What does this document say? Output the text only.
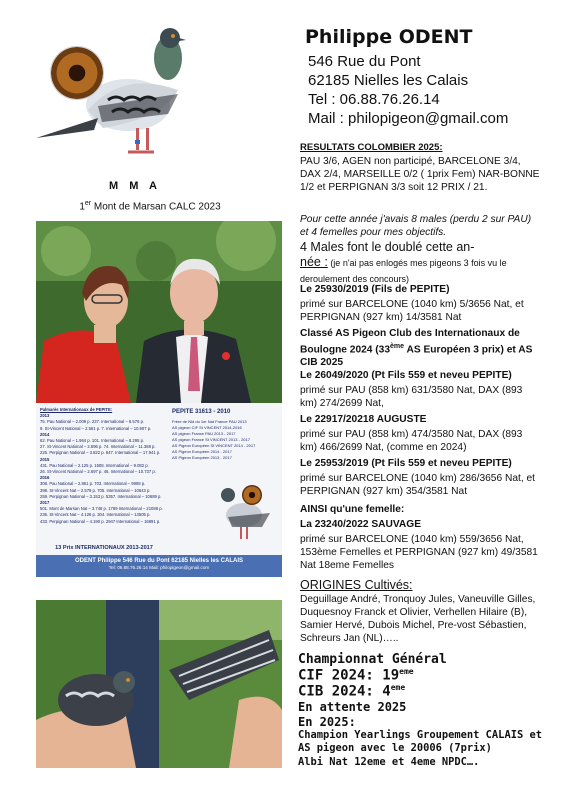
M M A
1er Mont de Marsan CALC 2023
Palmarès Internationaux de PEPITE:
2013
75. Pau National – 2.009 p. 237. International – 8.576 p.
9. St-Vincent National – 2.561 p. 7. International – 10.907 p.
2014
62. Pau National – 1.964 p. 101. International – 8.295 p.
27. St-Vincent National – 2.896 p. 74. International – 11.388 p.
225. Perpignan National – 3.822 p. 847. International – 17.941 p.
2015
431. Pau National – 2.125 p. 1508. International – 9.082 p.
26. St-Vincent National – 2.697 p. 46. International – 10.737 p.
2016
308. Pau National – 2.861 p. 703. International – 9908 p.
398. St-Vincent Nat – 2.579 p. 705. International – 10643 p.
259. Perpignan National – 3.153 p. 5357. International – 10689 p.
2017
501. Mont de Marsan Nat – 3.748 p. 1789 International – 21088 p.
236. St-Vincent Nat – 4.126 p. 304. International – 13505 p.
433. Perpignan National – 4.190 p. 2947 International – 16891 p.
PEPITE 31613 - 2010
Frère de Nid du 1er Nat France PAU 2013
AS pigeon CIF St VINCENT 2014-2016
AS pigeon France PAU 2013 - 2017
AS pigeon France St VINCENT 2013 - 2017
AS Pigeon Européen St VINCENT 2014 - 2017
AS Pigeon Européen 2014 - 2017
AS Pigeon Européen 2013 - 2017
13 Prix INTERNATIONAUX 2013-2017
ODENT Philippe 546 Rue du Pont 62185 Nielles les CALAIS
Tel: 06.88.76.26.14 Mail: philopigeon@gmail.com
Philippe ODENT
546 Rue du Pont
62185 Nielles les Calais
Tel : 06.88.76.26.14
Mail : philopigeon@gmail.com
RESULTATS COLOMBIER 2025:
PAU 3/6, AGEN non participé, BARCELONE 3/4, DAX 2/4, MARSEILLE 0/2 ( 1prix Fem) NAR-BONNE 1/2 et PERPIGNAN 3/3 soit 12 PRIX / 21.
Pour cette année j'avais 8 males (perdu 2 sur PAU) et 4 femelles pour mes objectifs.
4 Males font le doublé cette an-
née : (je n'ai pas enlogés mes pigeons 3 fois vu le deroulement des concours)
Le 25930/2019 (Fils de PEPITE)
primé sur BARCELONE (1040 km) 5/3656 Nat, et PERPIGNAN (927 km) 14/3581 Nat
Classé AS Pigeon Club des Internationaux de Boulogne 2024 (33ème AS Européen 3 prix) et AS CIB 2025
Le 26049/2020 (Pt Fils 559 et neveu PEPITE)
primé sur PAU (858 km) 631/3580 Nat, DAX (893 km) 274/2699 Nat,
Le 22917/20218 AUGUSTE
primé sur PAU (858 km) 474/3580 Nat, DAX (893 km) 466/2699 Nat, (comme en 2024)
Le 25953/2019 (Pt Fils 559 et neveu PEPITE)
primé sur BARCELONE (1040 km) 286/3656 Nat, et PERPIGNAN (927 km) 354/3581 Nat
AINSI qu'une femelle:
La 23240/2022 SAUVAGE
primé sur BARCELONE (1040 km) 559/3656 Nat, 153ème Femelles et PERPIGNAN (927 km) 49/3581 Nat 18eme Femelles
ORIGINES Cultivés:
Deguillage André, Tronquoy Jules, Vaneuville Gilles, Duquesnoy Franck et Olivier, Verhellen Hilaire (B), Samier Hervé, Dubois Michel, Pre-vost Sébastien, Schreurs Jan (NL)…..
Championnat Général
CIF 2024: 19eme
CIB 2024: 4eme
En attente 2025
En 2025:
Champion Yearlings Groupement CALAIS et AS pigeon avec le 20006 (7prix)
Albi Nat 12eme et 4eme NPDC….
